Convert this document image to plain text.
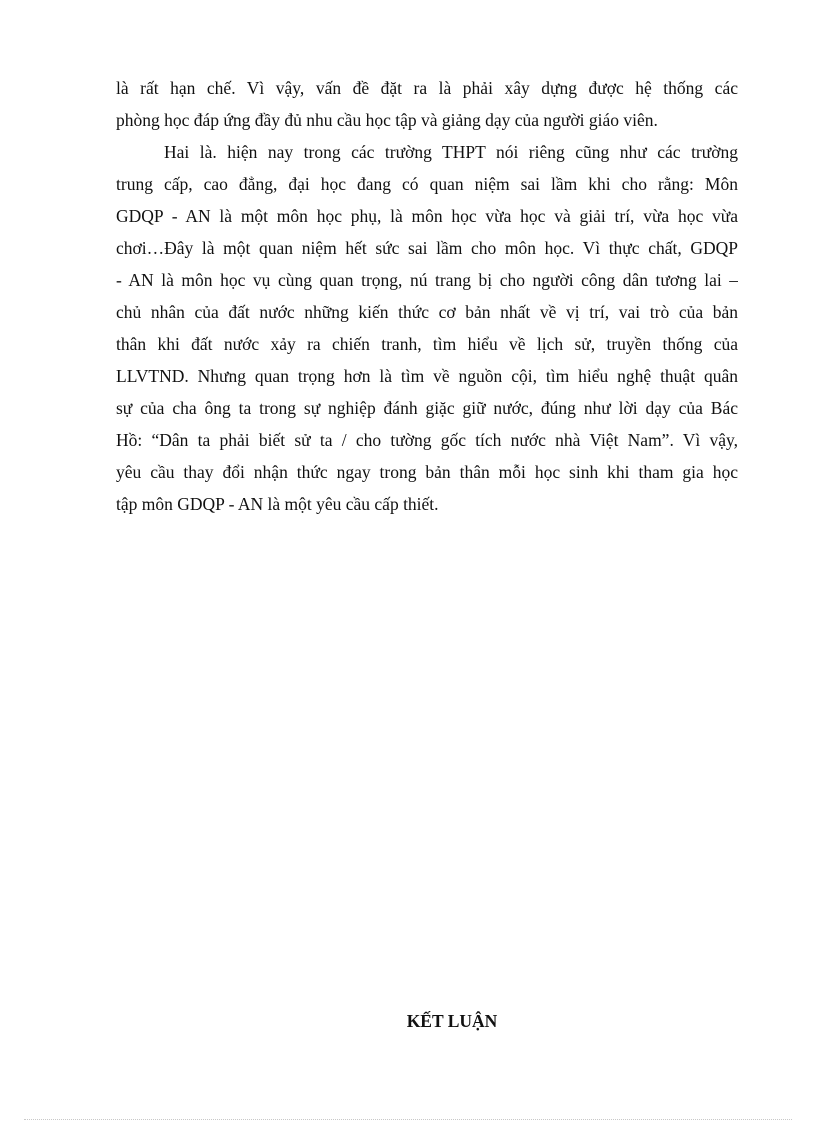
là rất hạn chế. Vì vậy, vấn đề đặt ra là phải xây dựng được hệ thống các
phòng học đáp ứng đầy đủ nhu cầu học tập và giảng dạy của người giáo viên.
Hai là. hiện nay trong các trường THPT nói riêng cũng như các trường
trung cấp, cao đẳng, đại học đang có quan niệm sai lầm khi cho rằng: Môn
GDQP - AN là một môn học phụ, là môn học vừa học và giải trí, vừa học vừa
chơi…Đây là một quan niệm hết sức sai lầm cho môn học. Vì thực chất, GDQP
- AN là môn học vụ cùng quan trọng, nú trang bị cho người công dân tương lai –
chủ nhân của đất nước những kiến thức cơ bản nhất về vị trí, vai trò của bản
thân khi đất nước xảy ra chiến tranh, tìm hiểu về lịch sử, truyền thống của
LLVTND. Nhưng quan trọng hơn là tìm về nguồn cội, tìm hiểu nghệ thuật quân
sự của cha ông ta trong sự nghiệp đánh giặc giữ nước, đúng như lời dạy của Bác
Hồ: “Dân ta phải biết sử ta / cho tường gốc tích nước nhà Việt Nam”. Vì vậy,
yêu cầu thay đổi nhận thức ngay trong bản thân mỗi học sinh khi tham gia học
tập môn GDQP - AN là một yêu cầu cấp thiết.
KẾT LUẬN
